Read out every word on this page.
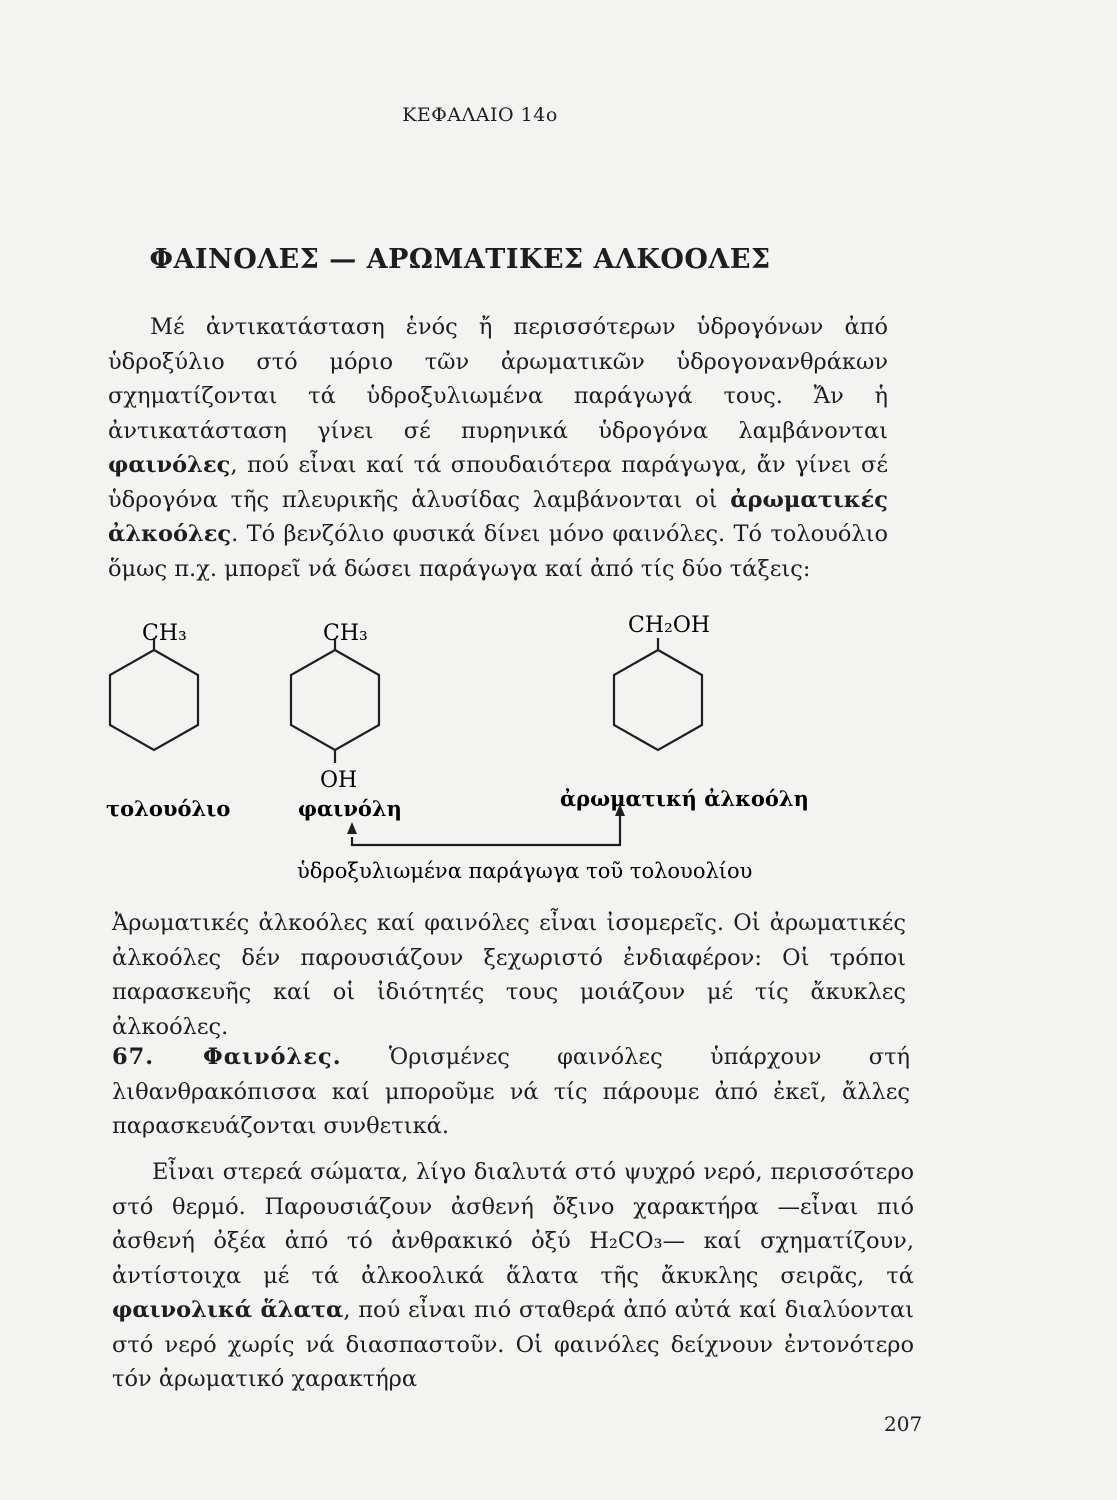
ΚΕΦΑΛΑΙΟ 14ο
ΦΑΙΝΟΛΕΣ — ΑΡΩΜΑΤΙΚΕΣ ΑΛΚΟΟΛΕΣ

Μέ ἀντικατάσταση ἑνός ἤ περισσότερων ὑδρογόνων ἀπό ὑδροξύλιο στό μόριο τῶν ἀρωματικῶν ὑδρογονανθράκων σχηματίζονται τά ὑδροξυλιωμένα παράγωγά τους. Ἄν ἡ ἀντικατάσταση γίνει σέ πυρηνικά ὑδρογόνα λαμβάνονται φαινόλες, πού εἶναι καί τά σπουδαιότερα παράγωγα, ἄν γίνει σέ ὑδρογόνα τῆς πλευρικῆς ἁλυσίδας λαμβάνονται οἱ ἀρωματικές ἀλκοόλες. Τό βενζόλιο φυσικά δίνει μόνο φαινόλες. Τό τολουόλιο ὅμως π.χ. μπορεῖ νά δώσει παράγωγα καί ἀπό τίς δύο τάξεις:

CH₃	CH₃	CH₂OH
OH
τολουόλιο	φαινόλη	ἀρωματική ἀλκοόλη
ὑδροξυλιωμένα παράγωγα τοῦ τολουολίου

Ἀρωματικές ἀλκοόλες καί φαινόλες εἶναι ἰσομερεῖς. Οἱ ἀρωματικές ἀλκοόλες δέν παρουσιάζουν ξεχωριστό ἐνδιαφέρον: Οἱ τρόποι παρασκευῆς καί οἱ ἰδιότητές τους μοιάζουν μέ τίς ἄκυκλες ἀλκοόλες.

67. Φαινόλες. Ὁρισμένες φαινόλες ὑπάρχουν στή λιθανθρακόπισσα καί μποροῦμε νά τίς πάρουμε ἀπό ἐκεῖ, ἄλλες παρασκευάζονται συνθετικά.

Εἶναι στερεά σώματα, λίγο διαλυτά στό ψυχρό νερό, περισσότερο στό θερμό. Παρουσιάζουν ἀσθενή ὄξινο χαρακτήρα —εἶναι πιό ἀσθενή ὀξέα ἀπό τό ἀνθρακικό ὀξύ H₂CO₃— καί σχηματίζουν, ἀντίστοιχα μέ τά ἀλκοολικά ἅλατα τῆς ἄκυκλης σειρᾶς, τά φαινολικά ἅλατα, πού εἶναι πιό σταθερά ἀπό αὐτά καί διαλύονται στό νερό χωρίς νά διασπαστοῦν. Οἱ φαινόλες δείχνουν ἐντονότερο τόν ἀρωματικό χαρακτήρα

207
